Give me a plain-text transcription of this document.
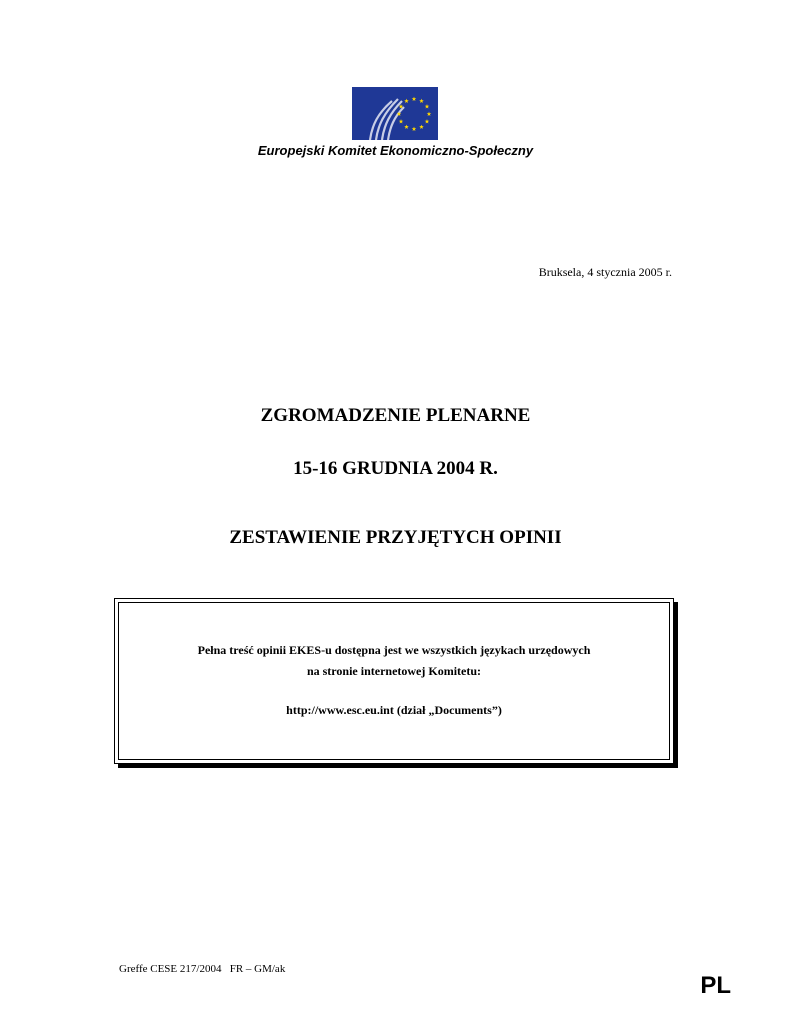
Europejski Komitet Ekonomiczno-Społeczny
Bruksela, 4 stycznia 2005 r.
ZGROMADZENIE PLENARNE
15-16 GRUDNIA 2004 R.
ZESTAWIENIE PRZYJĘTYCH OPINII
Pełna treść opinii EKES-u dostępna jest we wszystkich językach urzędowych
na stronie internetowej Komitetu:
http://www.esc.eu.int (dział „Documents”)
Greffe CESE 217/2004   FR – GM/ak
PL
